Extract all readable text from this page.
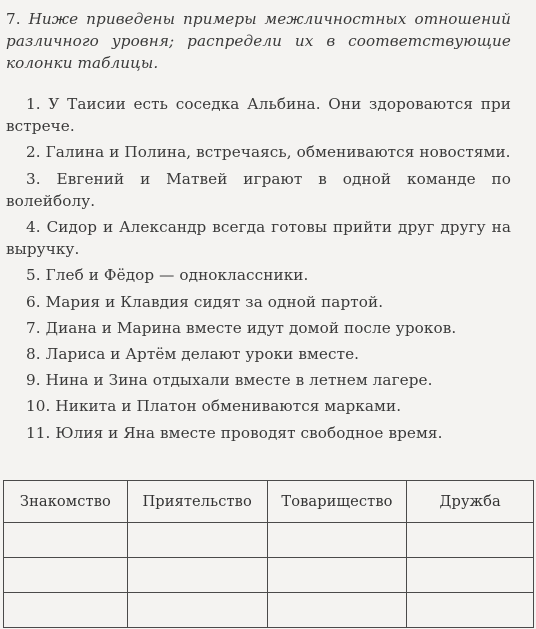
7. Ниже приведены примеры межличностных отношений различного уровня; распредели их в соответствующие колонки таблицы.
1. У Таисии есть соседка Альбина. Они здороваются при встрече.
2. Галина и Полина, встречаясь, обмениваются новостями.
3. Евгений и Матвей играют в одной команде по волейболу.
4. Сидор и Александр всегда готовы прийти друг другу на выручку.
5. Глеб и Фёдор — одноклассники.
6. Мария и Клавдия сидят за одной партой.
7. Диана и Марина вместе идут домой после уроков.
8. Лариса и Артём делают уроки вместе.
9. Нина и Зина отдыхали вместе в летнем лагере.
10. Никита и Платон обмениваются марками.
11. Юлия и Яна вместе проводят свободное время.
Знакомство	Приятельство	Товарищество	Дружба
